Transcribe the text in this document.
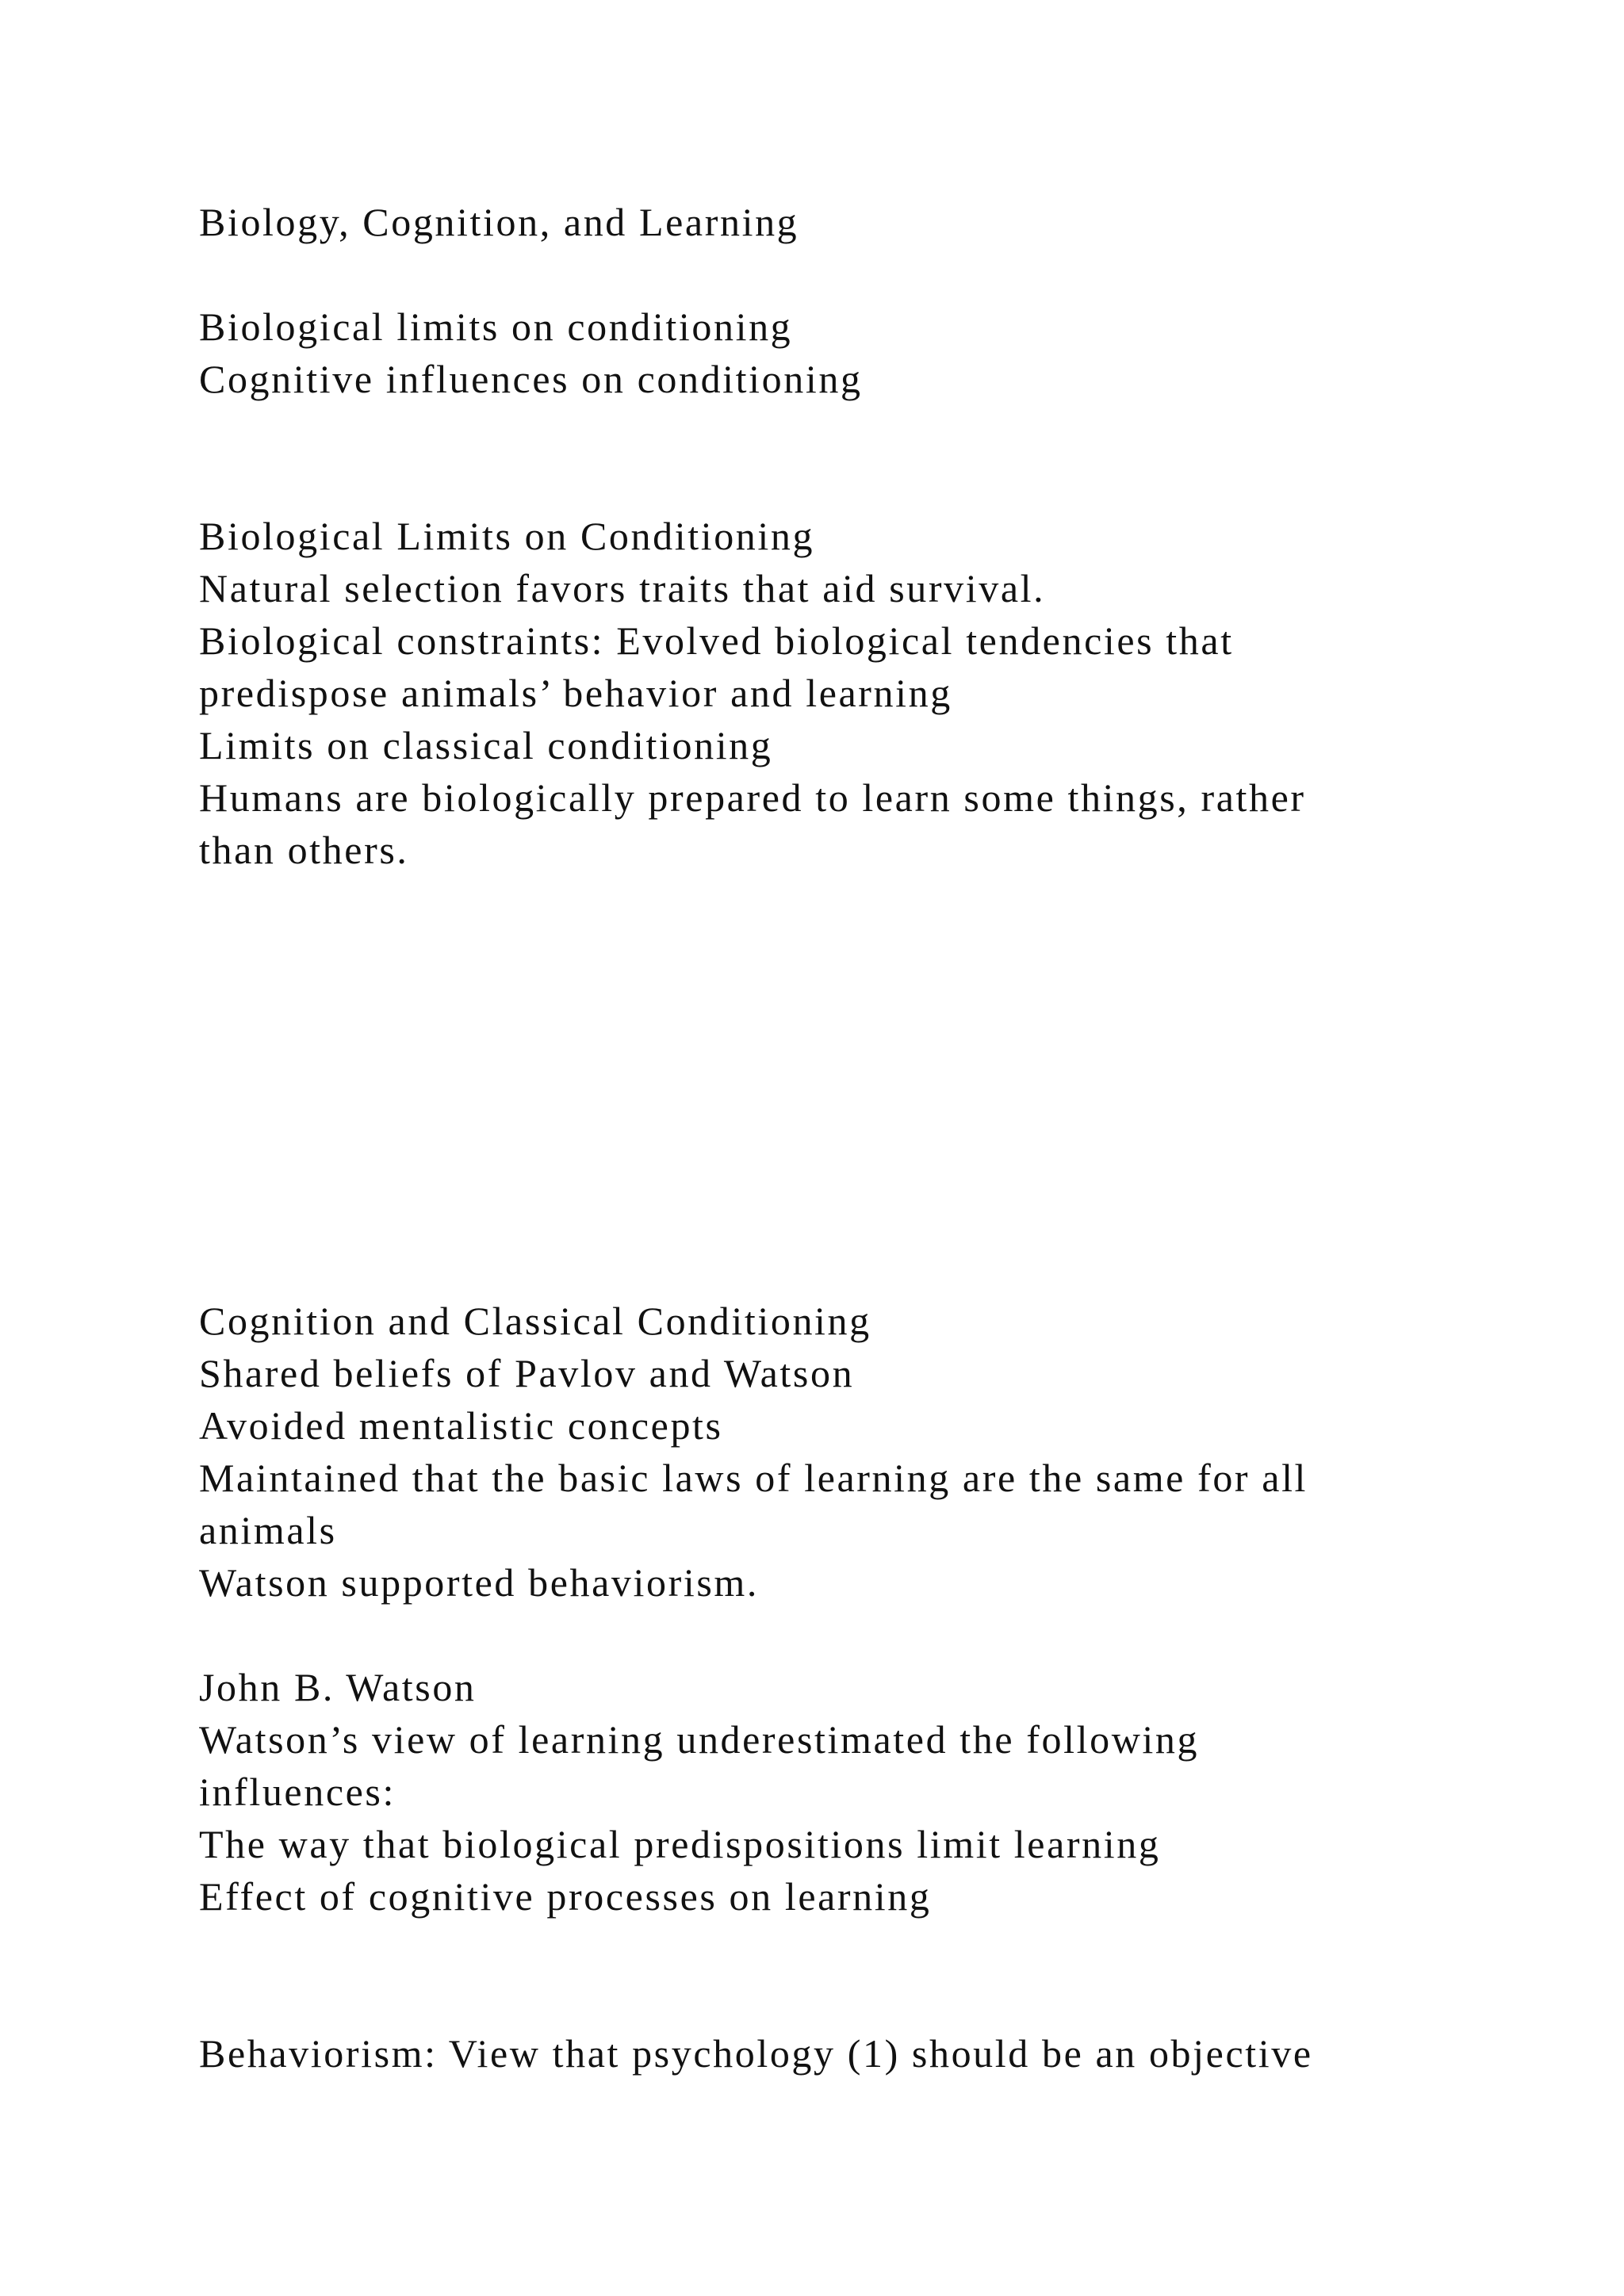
Biology, Cognition, and Learning

Biological limits on conditioning

Cognitive influences on conditioning

Biological Limits on Conditioning

Natural selection favors traits that aid survival.

Biological constraints: Evolved biological tendencies that

predispose animals’ behavior and learning

Limits on classical conditioning

Humans are biologically prepared to learn some things, rather

than others.

Cognition and Classical Conditioning

Shared beliefs of Pavlov and Watson

Avoided mentalistic concepts

Maintained that the basic laws of learning are the same for all

animals

Watson supported behaviorism.

John B. Watson

Watson’s view of learning underestimated the following

influences:

The way that biological predispositions limit learning

Effect of cognitive processes on learning

Behaviorism: View that psychology (1) should be an objective
